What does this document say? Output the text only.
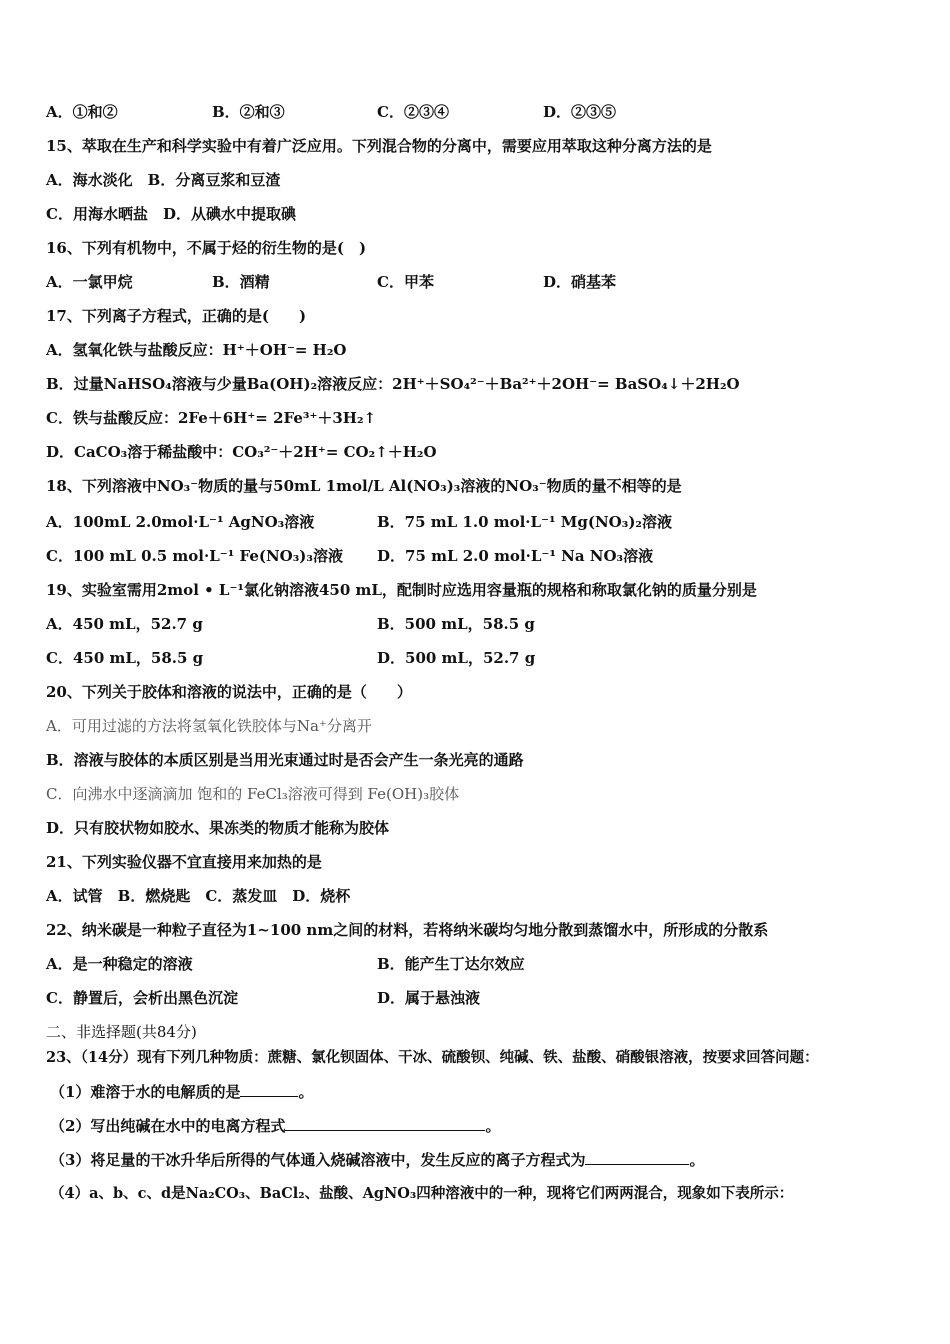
A．①和②	B．②和③	C．②③④	D．②③⑤
15、萃取在生产和科学实验中有着广泛应用。下列混合物的分离中，需要应用萃取这种分离方法的是
A．海水淡化　B．分离豆浆和豆渣
C．用海水晒盐　D．从碘水中提取碘
16、下列有机物中，不属于烃的衍生物的是(　)
A．一氯甲烷	B．酒精	C．甲苯	D．硝基苯
17、下列离子方程式，正确的是(　　)
A．氢氧化铁与盐酸反应：H⁺＋OH⁻= H₂O
B．过量NaHSO₄溶液与少量Ba(OH)₂溶液反应：2H⁺＋SO₄²⁻＋Ba²⁺＋2OH⁻= BaSO₄↓＋2H₂O
C．铁与盐酸反应：2Fe＋6H⁺= 2Fe³⁺＋3H₂↑
D．CaCO₃溶于稀盐酸中：CO₃²⁻＋2H⁺= CO₂↑＋H₂O
18、下列溶液中NO₃⁻物质的量与50mL 1mol/L Al(NO₃)₃溶液的NO₃⁻物质的量不相等的是
A．100mL 2.0mol·L⁻¹ AgNO₃溶液	B．75 mL 1.0 mol·L⁻¹ Mg(NO₃)₂溶液
C．100 mL 0.5 mol·L⁻¹ Fe(NO₃)₃溶液 D．75 mL 2.0 mol·L⁻¹ Na NO₃溶液
19、实验室需用2mol • L⁻¹氯化钠溶液450 mL，配制时应选用容量瓶的规格和称取氯化钠的质量分别是
A．450 mL，52.7 g	B．500 mL，58.5 g
C．450 mL，58.5 g	D．500 mL，52.7 g
20、下列关于胶体和溶液的说法中，正确的是（　　）
A．可用过滤的方法将氢氧化铁胶体与Na⁺分离开
B．溶液与胶体的本质区别是当用光束通过时是否会产生一条光亮的通路
C．向沸水中逐滴滴加 饱和的 FeCl₃溶液可得到 Fe(OH)₃胶体
D．只有胶状物如胶水、果冻类的物质才能称为胶体
21、下列实验仪器不宜直接用来加热的是
A．试管　B．燃烧匙　C．蒸发皿　D．烧杯
22、纳米碳是一种粒子直径为1~100 nm之间的材料，若将纳米碳均匀地分散到蒸馏水中，所形成的分散系
A．是一种稳定的溶液	B．能产生丁达尔效应
C．静置后，会析出黑色沉淀	D．属于悬浊液
二、非选择题(共84分)
23、（14分）现有下列几种物质：蔗糖、氯化钡固体、干冰、硫酸钡、纯碱、铁、盐酸、硝酸银溶液，按要求回答问题：
（1）难溶于水的电解质的是	。
（2）写出纯碱在水中的电离方程式	。
（3）将足量的干冰升华后所得的气体通入烧碱溶液中，发生反应的离子方程式为	。
（4）a、b、c、d是Na₂CO₃、BaCl₂、盐酸、AgNO₃四种溶液中的一种，现将它们两两混合，现象如下表所示：
